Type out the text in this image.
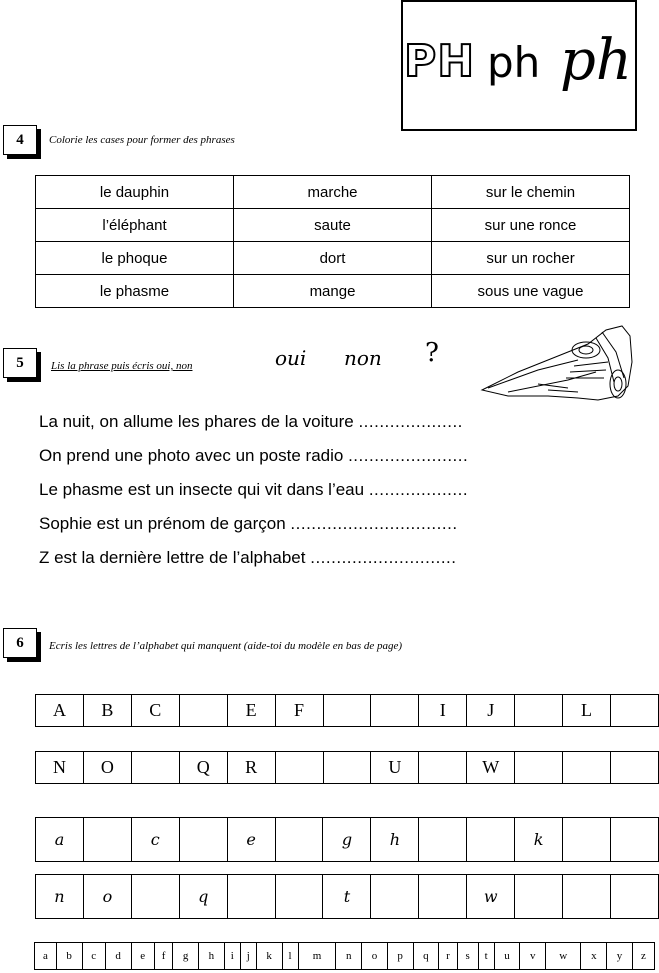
PH ph ph
4	Colorie les cases pour former des phrases
le dauphin	marche	sur le chemin
l’éléphant	saute	sur une ronce
le phoque	dort	sur un rocher
le phasme	mange	sous une vague
5	Lis la phrase puis écris oui, non	oui non ?
La nuit, on allume les phares de la voiture ....................
On prend une photo avec un poste radio .......................
Le phasme est un insecte qui vit dans l’eau ...................
Sophie est un prénom de garçon ................................
Z est la dernière lettre de l’alphabet ............................
6	Ecris les lettres de l’alphabet qui manquent (aide-toi du modèle en bas de page)
A	B	C		E	F			I	J		L	
N	O		Q	R			U		W			
a		c		e		g	h			k		
n	o		q			t			w			
a	b	c	d	e	f	g	h	i	j	k	l	m	n	o	p	q	r	s	t	u	v	w	x	y	z
